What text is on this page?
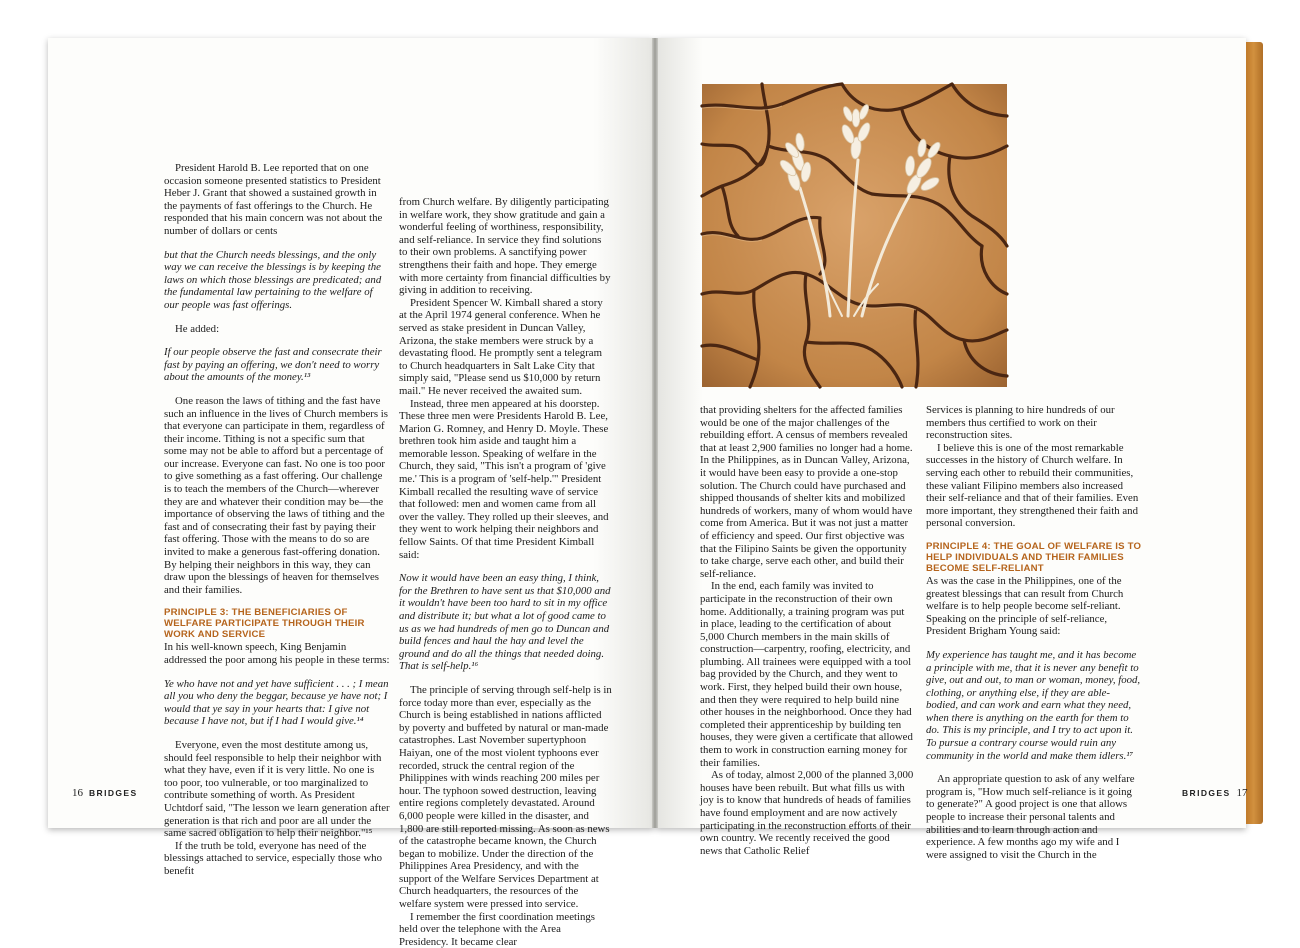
President Harold B. Lee reported that on one occasion someone presented statistics to President Heber J. Grant that showed a sustained growth in the payments of fast offerings to the Church. He responded that his main concern was not about the number of dollars or cents

but that the Church needs blessings, and the only way we can receive the blessings is by keeping the laws on which those blessings are predicated; and the fundamental law pertaining to the welfare of our people was fast offerings.

He added:

If our people observe the fast and consecrate their fast by paying an offering, we don't need to worry about the amounts of the money.¹³

One reason the laws of tithing and the fast have such an influence in the lives of Church members is that everyone can participate in them, regardless of their income. Tithing is not a specific sum that some may not be able to afford but a percentage of our increase. Everyone can fast. No one is too poor to give something as a fast offering. Our challenge is to teach the members of the Church—wherever they are and whatever their condition may be—the importance of observing the laws of tithing and the fast and of consecrating their fast by paying their fast offering. Those with the means to do so are invited to make a generous fast-offering donation. By helping their neighbors in this way, they can draw upon the blessings of heaven for themselves and their families.

PRINCIPLE 3: THE BENEFICIARIES OF WELFARE PARTICIPATE THROUGH THEIR WORK AND SERVICE

In his well-known speech, King Benjamin addressed the poor among his people in these terms:

Ye who have not and yet have sufficient . . . ; I mean all you who deny the beggar, because ye have not; I would that ye say in your hearts that: I give not because I have not, but if I had I would give.¹⁴

Everyone, even the most destitute among us, should feel responsible to help their neighbor with what they have, even if it is very little. No one is too poor, too vulnerable, or too marginalized to contribute something of worth. As President Uchtdorf said, "The lesson we learn generation after generation is that rich and poor are all under the same sacred obligation to help their neighbor."¹⁵

If the truth be told, everyone has need of the blessings attached to service, especially those who benefit

from Church welfare. By diligently participating in welfare work, they show gratitude and gain a wonderful feeling of worthiness, responsibility, and self-reliance. In service they find solutions to their own problems. A sanctifying power strengthens their faith and hope. They emerge with more certainty from financial difficulties by giving in addition to receiving.

President Spencer W. Kimball shared a story at the April 1974 general conference. When he served as stake president in Duncan Valley, Arizona, the stake members were struck by a devastating flood. He promptly sent a telegram to Church headquarters in Salt Lake City that simply said, "Please send us $10,000 by return mail." He never received the awaited sum.

Instead, three men appeared at his doorstep. These three men were Presidents Harold B. Lee, Marion G. Romney, and Henry D. Moyle. These brethren took him aside and taught him a memorable lesson. Speaking of welfare in the Church, they said, "This isn't a program of 'give me.' This is a program of 'self-help.'" President Kimball recalled the resulting wave of service that followed: men and women came from all over the valley. They rolled up their sleeves, and they went to work helping their neighbors and fellow Saints. Of that time President Kimball said:

Now it would have been an easy thing, I think, for the Brethren to have sent us that $10,000 and it wouldn't have been too hard to sit in my office and distribute it; but what a lot of good came to us as we had hundreds of men go to Duncan and build fences and haul the hay and level the ground and do all the things that needed doing. That is self-help.¹⁶

The principle of serving through self-help is in force today more than ever, especially as the Church is being established in nations afflicted by poverty and buffeted by natural or man-made catastrophes. Last November supertyphoon Haiyan, one of the most violent typhoons ever recorded, struck the central region of the Philippines with winds reaching 200 miles per hour. The typhoon sowed destruction, leaving entire regions completely devastated. Around 6,000 people were killed in the disaster, and 1,800 are still reported missing. As soon as news of the catastrophe became known, the Church began to mobilize. Under the direction of the Philippines Area Presidency, and with the support of the Welfare Services Department at Church headquarters, the resources of the welfare system were pressed into service.

I remember the first coordination meetings held over the telephone with the Area Presidency. It became clear

that providing shelters for the affected families would be one of the major challenges of the rebuilding effort. A census of members revealed that at least 2,900 families no longer had a home. In the Philippines, as in Duncan Valley, Arizona, it would have been easy to provide a one-stop solution. The Church could have purchased and shipped thousands of shelter kits and mobilized hundreds of workers, many of whom would have come from America. But it was not just a matter of efficiency and speed. Our first objective was that the Filipino Saints be given the opportunity to take charge, serve each other, and build their self-reliance.

In the end, each family was invited to participate in the reconstruction of their own home. Additionally, a training program was put in place, leading to the certification of about 5,000 Church members in the main skills of construction—carpentry, roofing, electricity, and plumbing. All trainees were equipped with a tool bag provided by the Church, and they went to work. First, they helped build their own house, and then they were required to help build nine other houses in the neighborhood. Once they had completed their apprenticeship by building ten houses, they were given a certificate that allowed them to work in construction earning money for their families.

As of today, almost 2,000 of the planned 3,000 houses have been rebuilt. But what fills us with joy is to know that hundreds of heads of families have found employment and are now actively participating in the reconstruction efforts of their own country. We recently received the good news that Catholic Relief

Services is planning to hire hundreds of our members thus certified to work on their reconstruction sites.

I believe this is one of the most remarkable successes in the history of Church welfare. In serving each other to rebuild their communities, these valiant Filipino members also increased their self-reliance and that of their families. Even more important, they strengthened their faith and personal conversion.

PRINCIPLE 4: THE GOAL OF WELFARE IS TO HELP INDIVIDUALS AND THEIR FAMILIES BECOME SELF-RELIANT

As was the case in the Philippines, one of the greatest blessings that can result from Church welfare is to help people become self-reliant. Speaking on the principle of self-reliance, President Brigham Young said:

My experience has taught me, and it has become a principle with me, that it is never any benefit to give, out and out, to man or woman, money, food, clothing, or anything else, if they are able-bodied, and can work and earn what they need, when there is anything on the earth for them to do. This is my principle, and I try to act upon it. To pursue a contrary course would ruin any community in the world and make them idlers.¹⁷

An appropriate question to ask of any welfare program is, "How much self-reliance is it going to generate?" A good project is one that allows people to increase their personal talents and abilities and to learn through action and experience. A few months ago my wife and I were assigned to visit the Church in the

16 BRIDGES	BRIDGES 17
